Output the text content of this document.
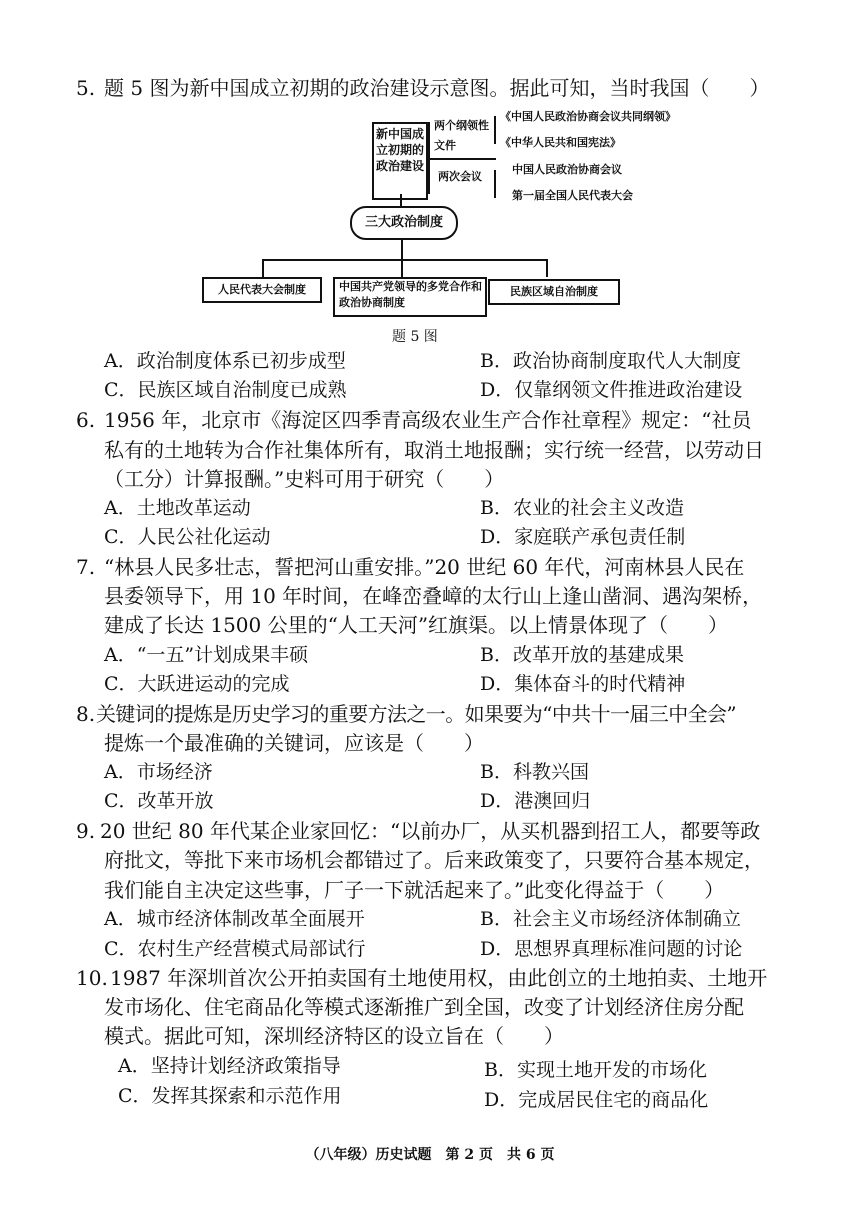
5. 题 5 图为新中国成立初期的政治建设示意图。据此可知，当时我国（　　）
新中国成立初期的政治建设
两个纲领性文件
《中国人民政治协商会议共同纲领》
《中华人民共和国宪法》
两次会议
中国人民政治协商会议
第一届全国人民代表大会
三大政治制度
人民代表大会制度	中国共产党领导的多党合作和政治协商制度
民族区域自治制度
题 5 图
A．政治制度体系已初步成型	B．政治协商制度取代人大制度
C．民族区域自治制度已成熟	D．仅靠纲领文件推进政治建设
6. 1956 年，北京市《海淀区四季青高级农业生产合作社章程》规定：“社员
私有的土地转为合作社集体所有，取消土地报酬；实行统一经营，以劳动日
（工分）计算报酬。”史料可用于研究（　　）
A．土地改革运动	B．农业的社会主义改造
C．人民公社化运动	D．家庭联产承包责任制
7. “林县人民多壮志，誓把河山重安排。”20 世纪 60 年代，河南林县人民在
县委领导下，用 10 年时间，在峰峦叠嶂的太行山上逢山凿洞、遇沟架桥，
建成了长达 1500 公里的“人工天河”红旗渠。以上情景体现了（　　）
A．“一五”计划成果丰硕	B．改革开放的基建成果
C．大跃进运动的完成	D．集体奋斗的时代精神
8. 关键词的提炼是历史学习的重要方法之一。如果要为“中共十一届三中全会”
提炼一个最准确的关键词，应该是（　　）
A．市场经济	B．科教兴国
C．改革开放	D．港澳回归
9. 20 世纪 80 年代某企业家回忆：“以前办厂，从买机器到招工人，都要等政
府批文，等批下来市场机会都错过了。后来政策变了，只要符合基本规定，
我们能自主决定这些事，厂子一下就活起来了。”此变化得益于（　　）
A．城市经济体制改革全面展开	B．社会主义市场经济体制确立
C．农村生产经营模式局部试行	D．思想界真理标准问题的讨论
10. 1987 年深圳首次公开拍卖国有土地使用权，由此创立的土地拍卖、土地开
发市场化、住宅商品化等模式逐渐推广到全国，改变了计划经济住房分配
模式。据此可知，深圳经济特区的设立旨在（　　）
A．坚持计划经济政策指导	B．实现土地开发的市场化
C．发挥其探索和示范作用	D．完成居民住宅的商品化
（八年级）历史试题　第 2 页　共 6 页
